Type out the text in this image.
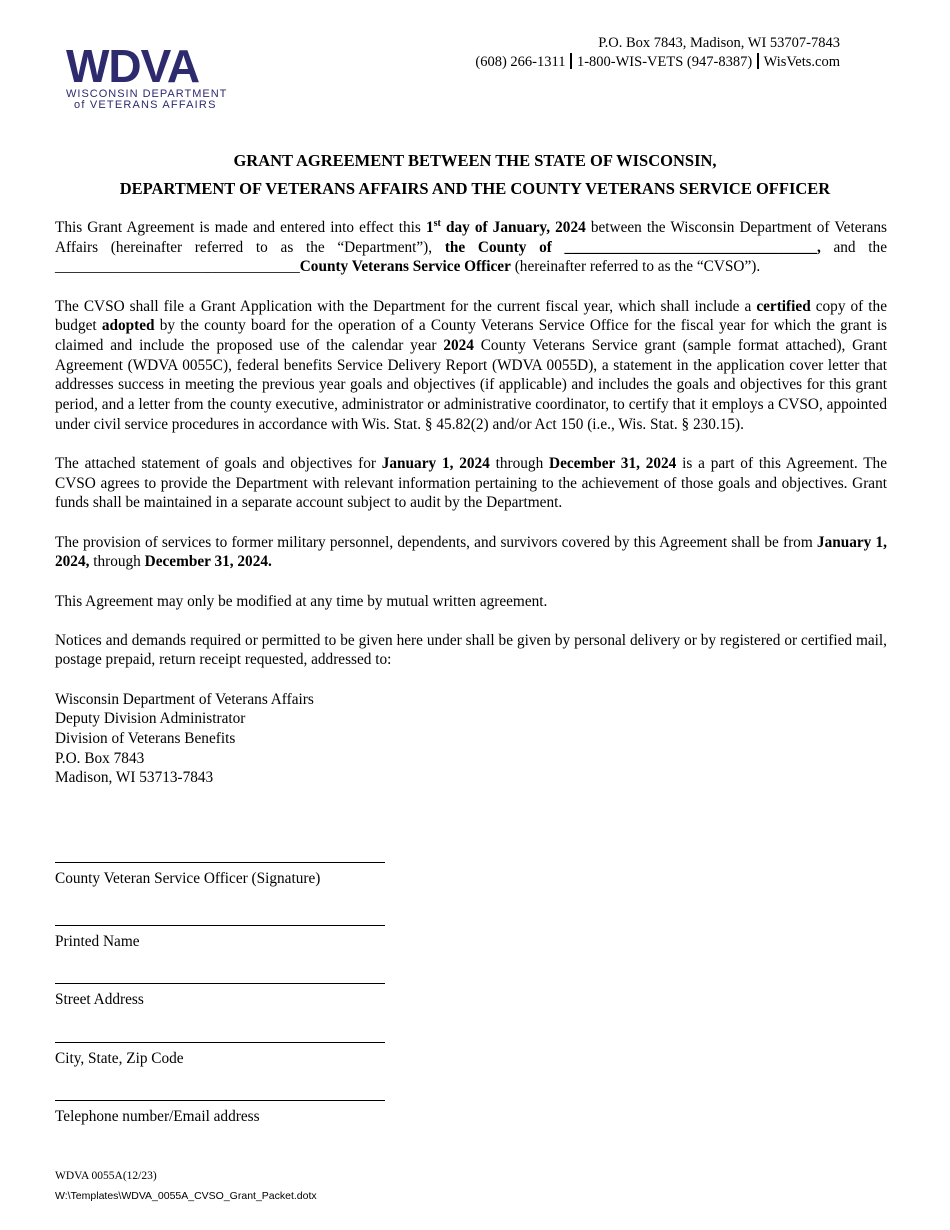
WDVA
WISCONSIN DEPARTMENT
of VETERANS AFFAIRS
P.O. Box 7843, Madison, WI 53707-7843
(608) 266-1311 1-800-WIS-VETS (947-8387) WisVets.com
GRANT AGREEMENT BETWEEN THE STATE OF WISCONSIN,
DEPARTMENT OF VETERANS AFFAIRS AND THE COUNTY VETERANS SERVICE OFFICER

This Grant Agreement is made and entered into effect this 1st day of January, 2024 between the Wisconsin Department of Veterans Affairs (hereinafter referred to as the “Department”), the County of _________________________________, and the ________________________________County Veterans Service Officer (hereinafter referred to as the “CVSO”).

The CVSO shall file a Grant Application with the Department for the current fiscal year, which shall include a certified copy of the budget adopted by the county board for the operation of a County Veterans Service Office for the fiscal year for which the grant is claimed and include the proposed use of the calendar year 2024 County Veterans Service grant (sample format attached), Grant Agreement (WDVA 0055C), federal benefits Service Delivery Report (WDVA 0055D), a statement in the application cover letter that addresses success in meeting the previous year goals and objectives (if applicable) and includes the goals and objectives for this grant period, and a letter from the county executive, administrator or administrative coordinator, to certify that it employs a CVSO, appointed under civil service procedures in accordance with Wis. Stat. § 45.82(2) and/or Act 150 (i.e., Wis. Stat. § 230.15).

The attached statement of goals and objectives for January 1, 2024 through December 31, 2024 is a part of this Agreement. The CVSO agrees to provide the Department with relevant information pertaining to the achievement of those goals and objectives. Grant funds shall be maintained in a separate account subject to audit by the Department.

The provision of services to former military personnel, dependents, and survivors covered by this Agreement shall be from January 1, 2024, through December 31, 2024.

This Agreement may only be modified at any time by mutual written agreement.

Notices and demands required or permitted to be given here under shall be given by personal delivery or by registered or certified mail, postage prepaid, return receipt requested, addressed to:

Wisconsin Department of Veterans Affairs
Deputy Division Administrator
Division of Veterans Benefits
P.O. Box 7843
Madison, WI 53713-7843
County Veteran Service Officer (Signature)
Printed Name
Street Address
City, State, Zip Code
Telephone number/Email address
WDVA 0055A(12/23)
W:\Templates\WDVA_0055A_CVSO_Grant_Packet.dotx
